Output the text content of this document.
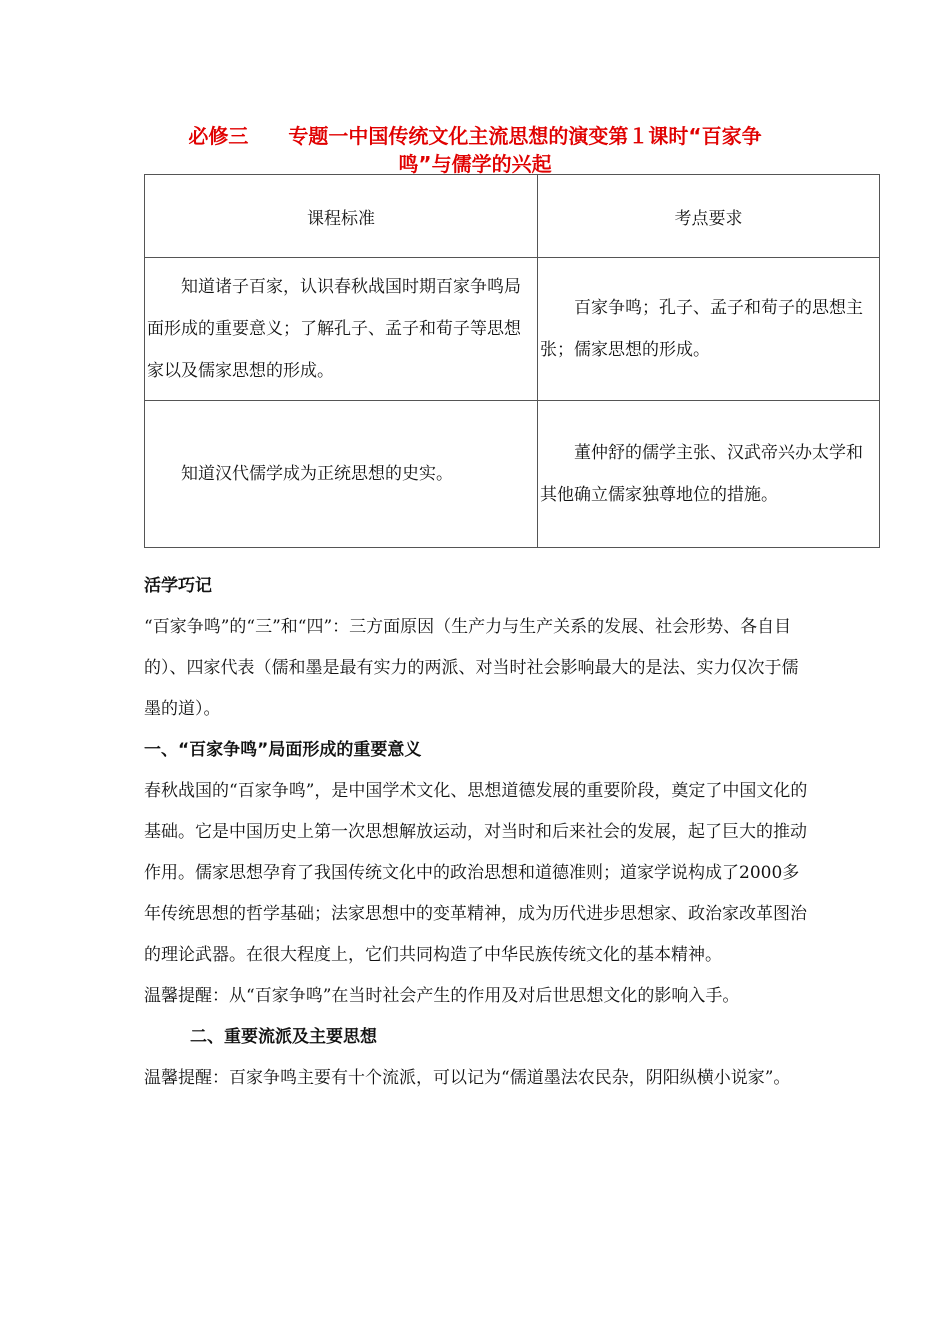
必修三　　专题一中国传统文化主流思想的演变第１课时“百家争
鸣”与儒学的兴起
课程标准	考点要求
知道诸子百家，认识春秋战国时期百家争鸣局面形成的重要意义；了解孔子、孟子和荀子等思想家以及儒家思想的形成。	百家争鸣；孔子、孟子和荀子的思想主张；儒家思想的形成。
知道汉代儒学成为正统思想的史实。	董仲舒的儒学主张、汉武帝兴办太学和其他确立儒家独尊地位的措施。
活学巧记

“百家争鸣”的“三”和“四”：三方面原因（生产力与生产关系的发展、社会形势、各自目的）、四家代表（儒和墨是最有实力的两派、对当时社会影响最大的是法、实力仅次于儒墨的道）。

一、“百家争鸣”局面形成的重要意义

春秋战国的“百家争鸣”，是中国学术文化、思想道德发展的重要阶段，奠定了中国文化的基础。它是中国历史上第一次思想解放运动，对当时和后来社会的发展，起了巨大的推动作用。儒家思想孕育了我国传统文化中的政治思想和道德准则；道家学说构成了2000多年传统思想的哲学基础；法家思想中的变革精神，成为历代进步思想家、政治家改革图治的理论武器。在很大程度上，它们共同构造了中华民族传统文化的基本精神。

温馨提醒：从“百家争鸣”在当时社会产生的作用及对后世思想文化的影响入手。

二、重要流派及主要思想

温馨提醒：百家争鸣主要有十个流派，可以记为“儒道墨法农民杂，阴阳纵横小说家”。
